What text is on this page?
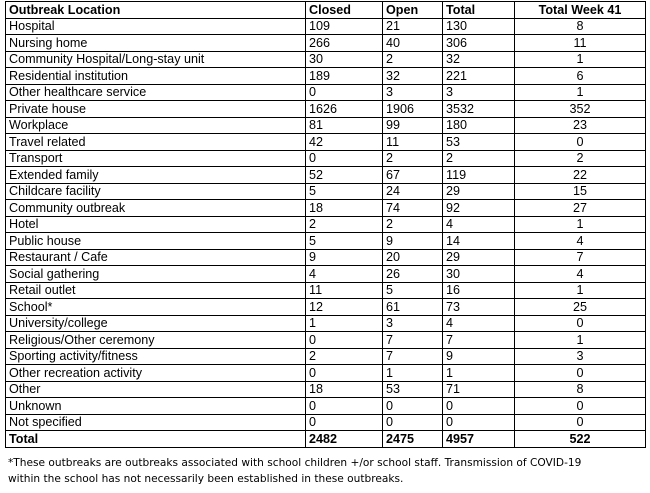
Outbreak Location	Closed	Open	Total	Total Week 41
Hospital	109	21	130	8
Nursing home	266	40	306	11
Community Hospital/Long-stay unit	30	2	32	1
Residential institution	189	32	221	6
Other healthcare service	0	3	3	1
Private house	1626	1906	3532	352
Workplace	81	99	180	23
Travel related	42	11	53	0
Transport	0	2	2	2
Extended family	52	67	119	22
Childcare facility	5	24	29	15
Community outbreak	18	74	92	27
Hotel	2	2	4	1
Public house	5	9	14	4
Restaurant / Cafe	9	20	29	7
Social gathering	4	26	30	4
Retail outlet	11	5	16	1
School*	12	61	73	25
University/college	1	3	4	0
Religious/Other ceremony	0	7	7	1
Sporting activity/fitness	2	7	9	3
Other recreation activity	0	1	1	0
Other	18	53	71	8
Unknown	0	0	0	0
Not specified	0	0	0	0
Total	2482	2475	4957	522

*These outbreaks are outbreaks associated with school children +/or school staff. Transmission of COVID-19

within the school has not necessarily been established in these outbreaks.
